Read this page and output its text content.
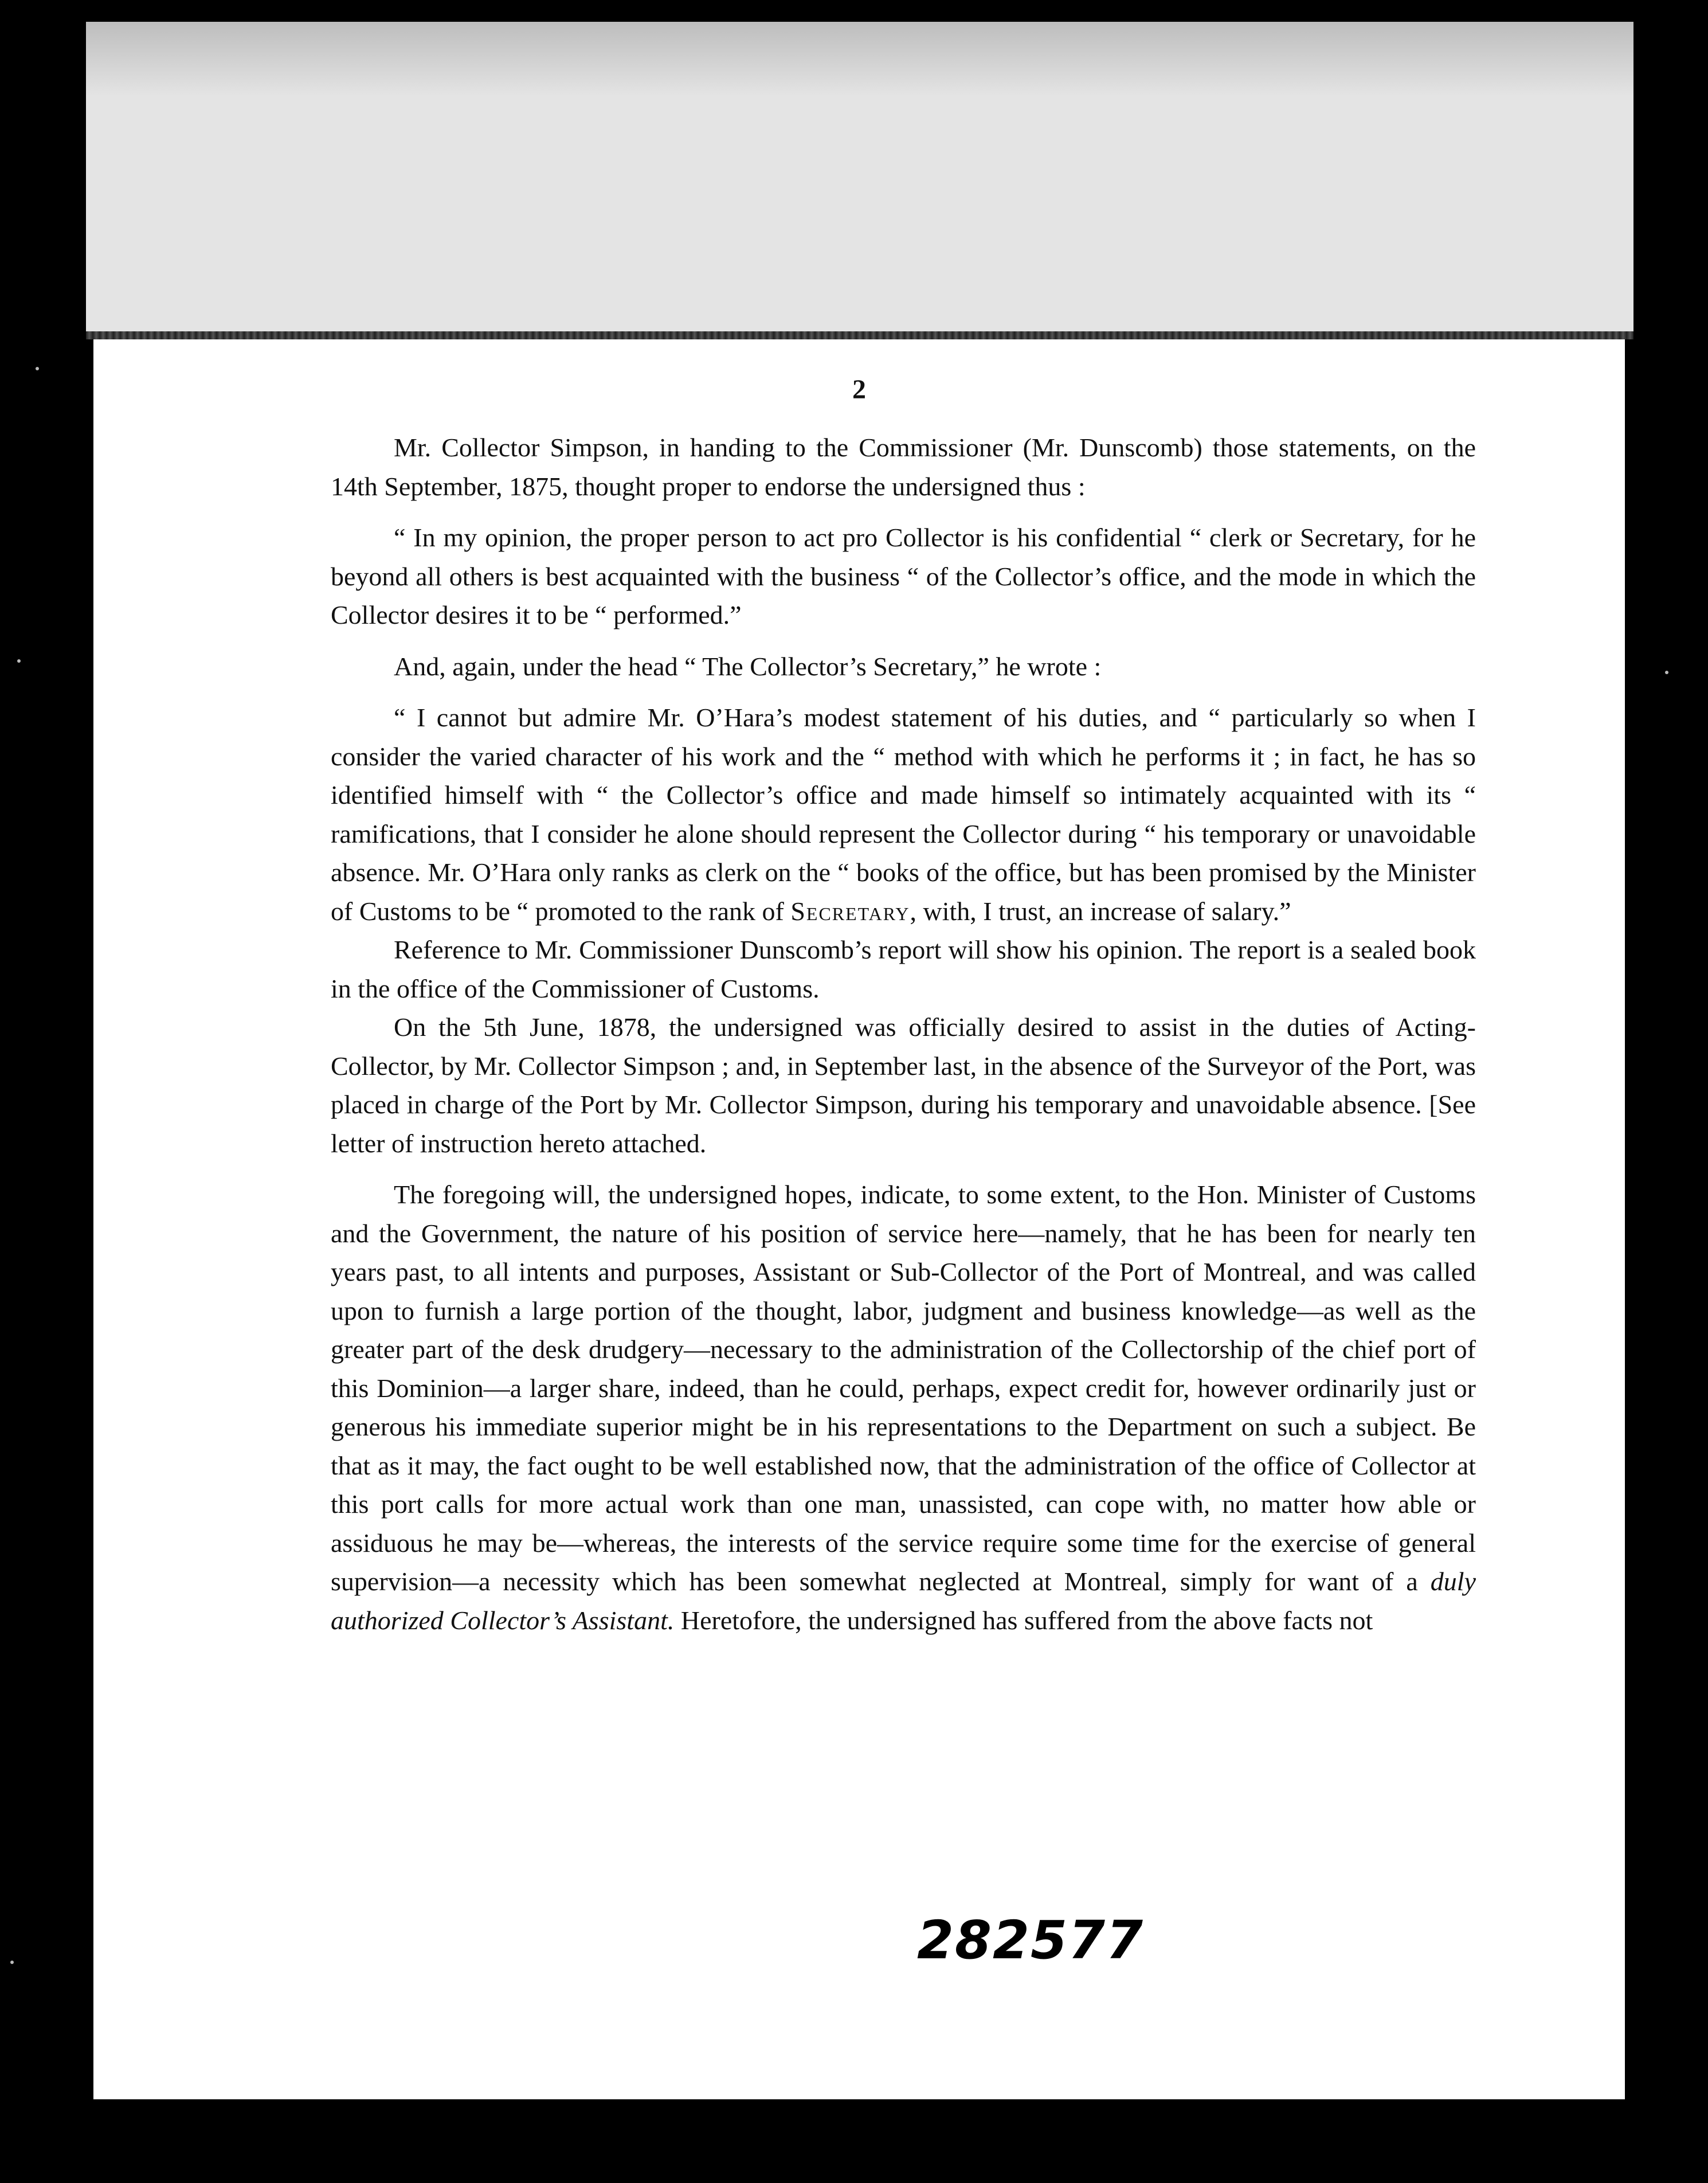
2

Mr. Collector Simpson, in handing to the Commissioner (Mr. Dunscomb) those statements, on the 14th September, 1875, thought proper to endorse the undersigned thus :

“ In my opinion, the proper person to act pro Collector is his confidential “ clerk or Secretary, for he beyond all others is best acquainted with the business “ of the Collector’s office, and the mode in which the Collector desires it to be “ performed.”

And, again, under the head “ The Collector’s Secretary,” he wrote :

“ I cannot but admire Mr. O’Hara’s modest statement of his duties, and “ particularly so when I consider the varied character of his work and the “ method with which he performs it ; in fact, he has so identified himself with “ the Collector’s office and made himself so intimately acquainted with its “ ramifications, that I consider he alone should represent the Collector during “ his temporary or unavoidable absence. Mr. O’Hara only ranks as clerk on the “ books of the office, but has been promised by the Minister of Customs to be “ promoted to the rank of Secretary, with, I trust, an increase of salary.”

Reference to Mr. Commissioner Dunscomb’s report will show his opinion. The report is a sealed book in the office of the Commissioner of Customs.

On the 5th June, 1878, the undersigned was officially desired to assist in the duties of Acting-Collector, by Mr. Collector Simpson ; and, in September last, in the absence of the Surveyor of the Port, was placed in charge of the Port by Mr. Collector Simpson, during his temporary and unavoidable absence. [See letter of instruction hereto attached.

The foregoing will, the undersigned hopes, indicate, to some extent, to the Hon. Minister of Customs and the Government, the nature of his position of service here—namely, that he has been for nearly ten years past, to all intents and purposes, Assistant or Sub-Collector of the Port of Montreal, and was called upon to furnish a large portion of the thought, labor, judgment and business knowledge—as well as the greater part of the desk drudgery—necessary to the administration of the Collectorship of the chief port of this Dominion—a larger share, indeed, than he could, perhaps, expect credit for, however ordinarily just or generous his immediate superior might be in his representations to the Department on such a subject. Be that as it may, the fact ought to be well established now, that the administration of the office of Collector at this port calls for more actual work than one man, unassisted, can cope with, no matter how able or assiduous he may be—whereas, the interests of the service require some time for the exercise of general supervision—a necessity which has been somewhat neglected at Montreal, simply for want of a duly authorized Collector’s Assistant. Heretofore, the undersigned has suffered from the above facts not

282577
